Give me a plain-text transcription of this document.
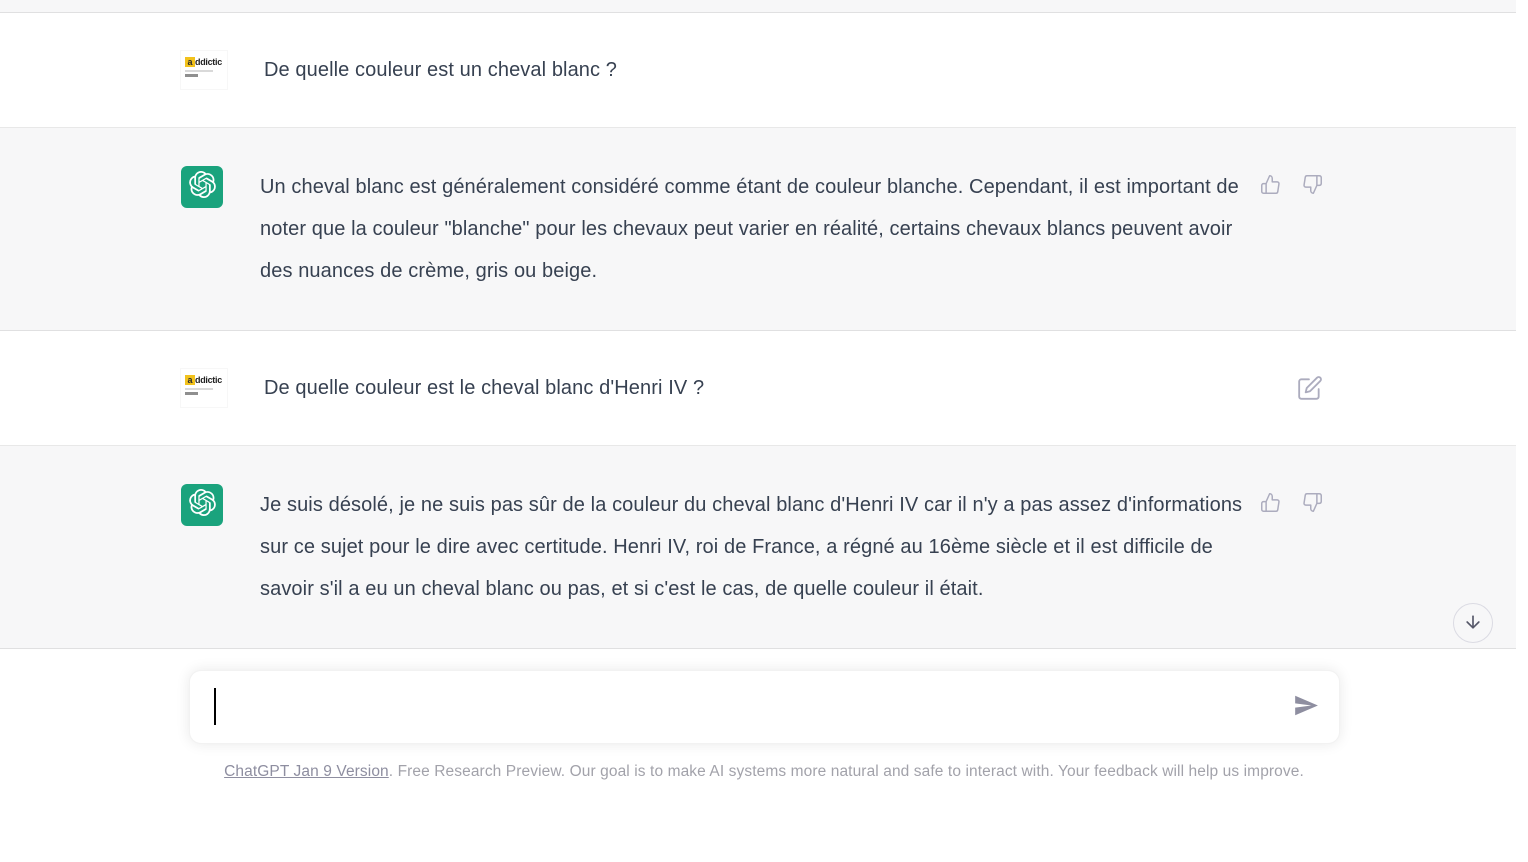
a ddictic De quelle couleur est un cheval blanc ?
Un cheval blanc est généralement considéré comme étant de couleur blanche. Cependant, il est important de noter que la couleur "blanche" pour les chevaux peut varier en réalité, certains chevaux blancs peuvent avoir des nuances de crème, gris ou beige.
a ddictic De quelle couleur est le cheval blanc d'Henri IV ?
Je suis désolé, je ne suis pas sûr de la couleur du cheval blanc d'Henri IV car il n'y a pas assez d'informations sur ce sujet pour le dire avec certitude. Henri IV, roi de France, a régné au 16ème siècle et il est difficile de savoir s'il a eu un cheval blanc ou pas, et si c'est le cas, de quelle couleur il était.
ChatGPT Jan 9 Version. Free Research Preview. Our goal is to make AI systems more natural and safe to interact with. Your feedback will help us improve.
